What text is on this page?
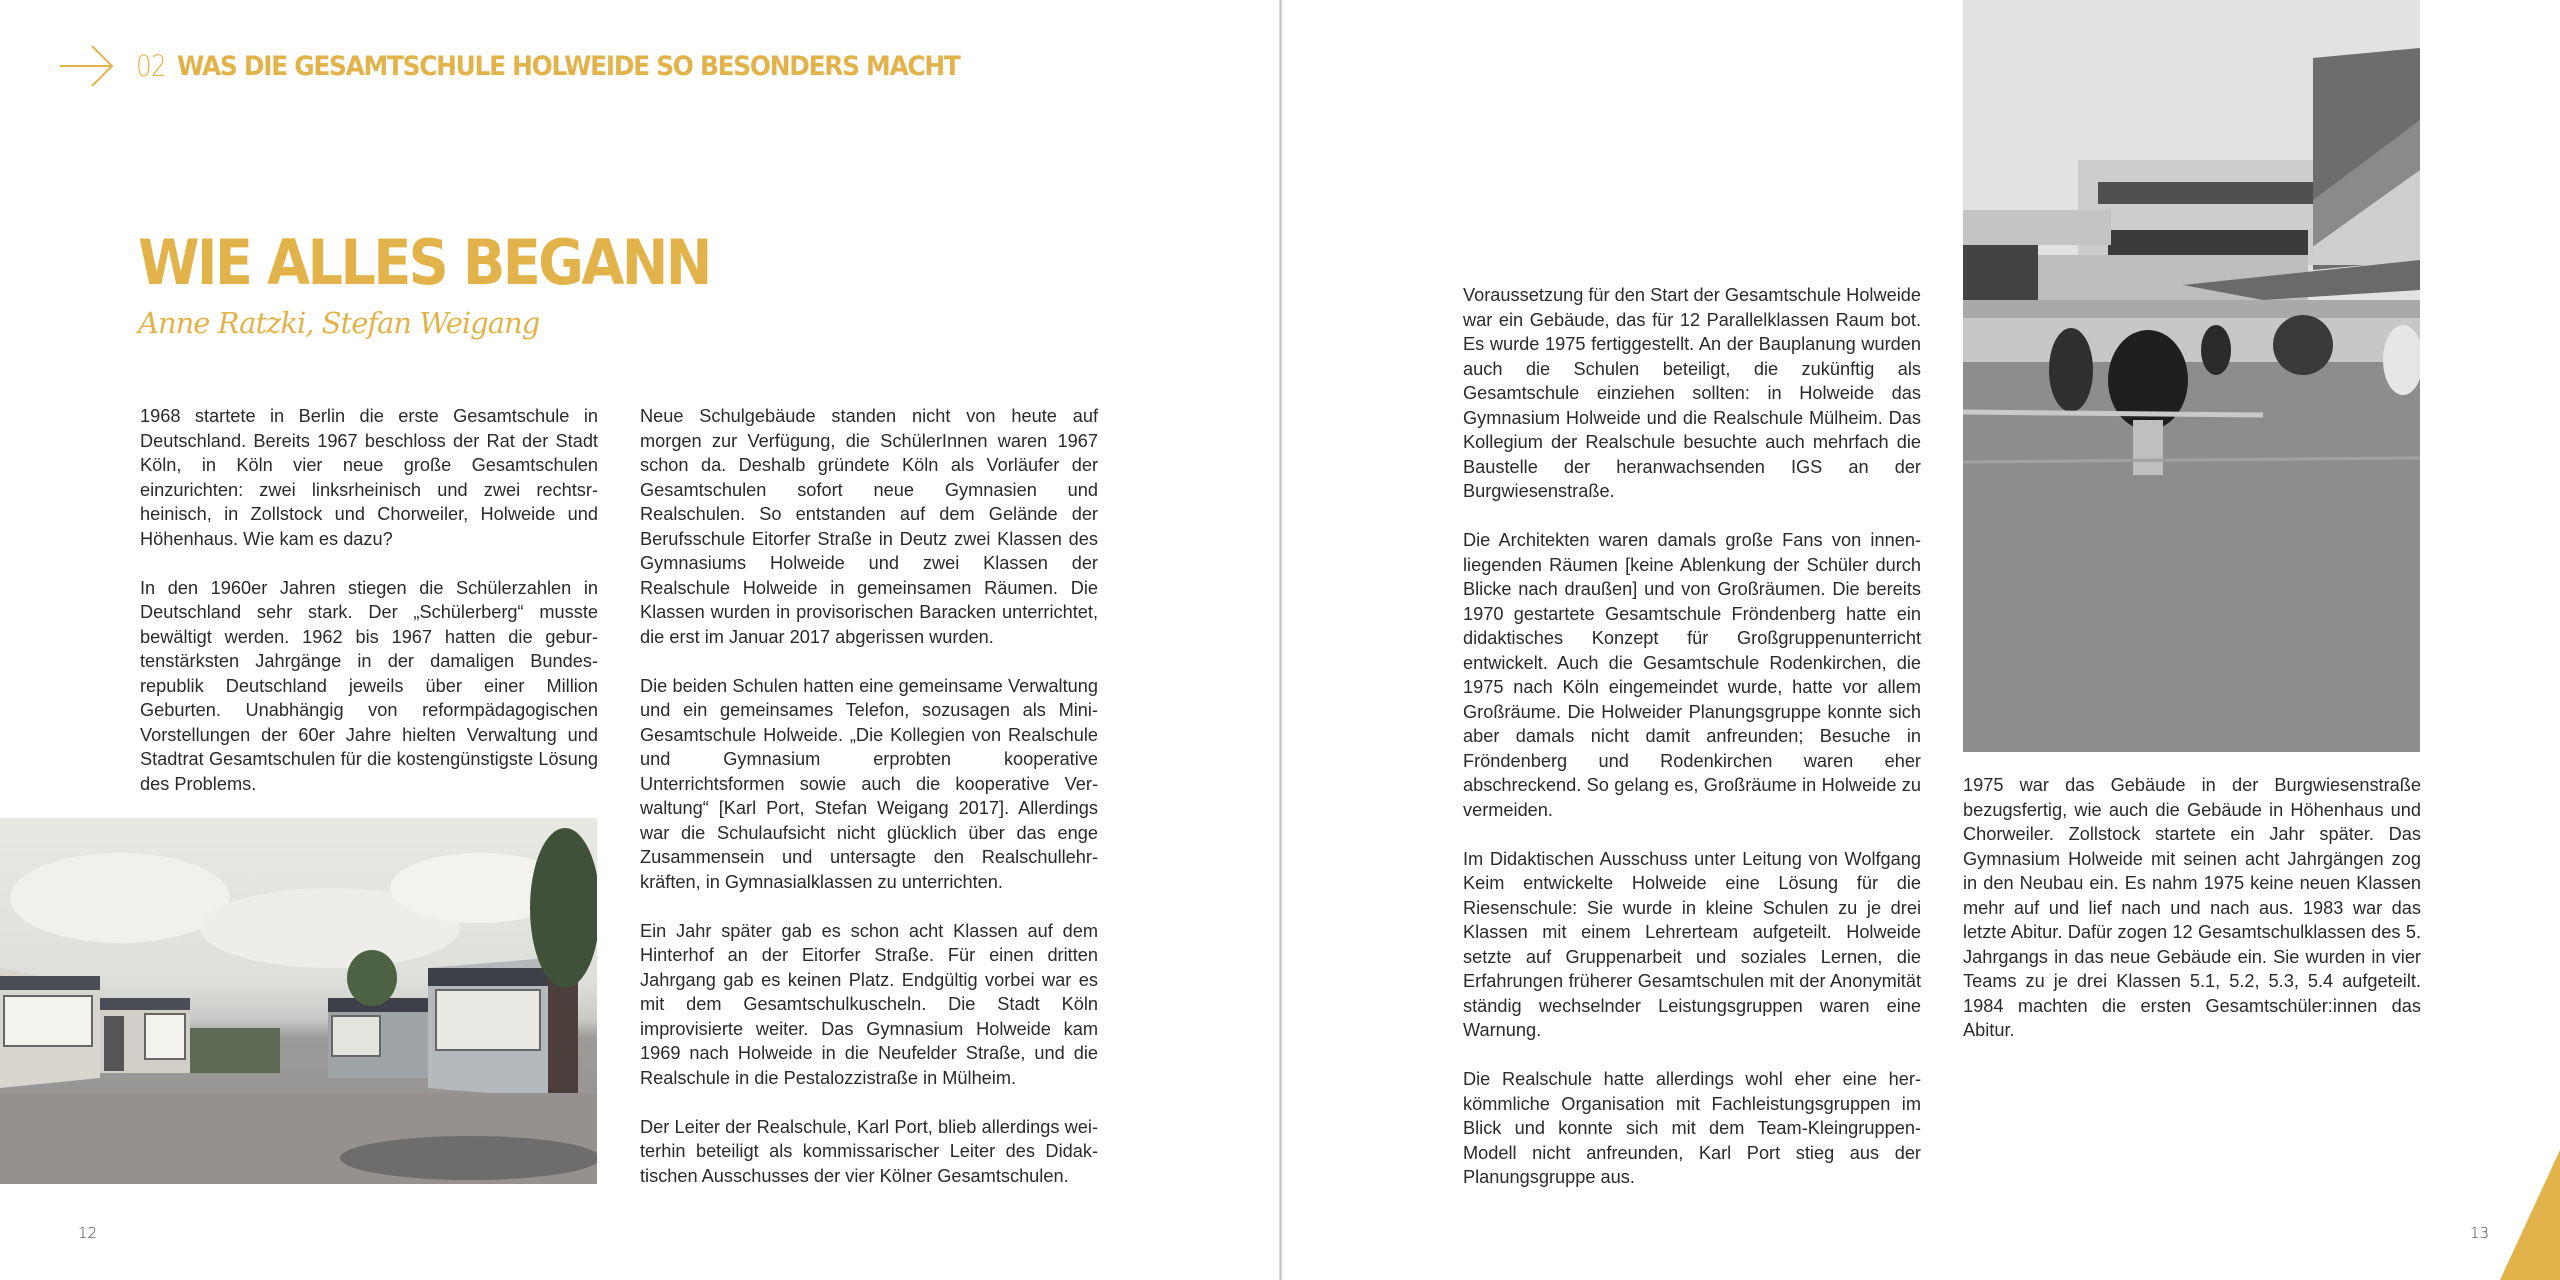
02 WAS DIE GESAMTSCHULE HOLWEIDE SO BESONDERS MACHT
WIE ALLES BEGANN
Anne Ratzki, Stefan Weigang

1968 startete in Berlin die erste Gesamtschule in Deutschland. Bereits 1967 beschloss der Rat der Stadt Köln, in Köln vier neue große Gesamtschulen einzurichten: zwei linksrheinisch und zwei rechtsrheinisch, in Zollstock und Chorweiler, Holweide und Höhenhaus. Wie kam es dazu?

In den 1960er Jahren stiegen die Schülerzahlen in Deutschland sehr stark. Der „Schülerberg“ musste bewältigt werden. 1962 bis 1967 hatten die geburtenstärksten Jahrgänge in der damaligen Bundesrepublik Deutschland jeweils über einer Million Geburten. Unabhängig von reformpädagogischen Vorstellungen der 60er Jahre hielten Verwaltung und Stadtrat Gesamtschulen für die kostengünstigste Lösung des Problems.

Neue Schulgebäude standen nicht von heute auf morgen zur Verfügung, die SchülerInnen waren 1967 schon da. Deshalb gründete Köln als Vorläufer der Gesamtschulen sofort neue Gymnasien und Realschulen. So entstanden auf dem Gelände der Berufsschule Eitorfer Straße in Deutz zwei Klassen des Gymnasiums Holweide und zwei Klassen der Realschule Holweide in gemeinsamen Räumen. Die Klassen wurden in provisorischen Baracken unterrichtet, die erst im Januar 2017 abgerissen wurden.

Die beiden Schulen hatten eine gemeinsame Verwaltung und ein gemeinsames Telefon, sozusagen als Mini-Gesamtschule Holweide. „Die Kollegien von Realschule und Gymnasium erprobten kooperative Unterrichtsformen sowie auch die kooperative Verwaltung“ [Karl Port, Stefan Weigang 2017]. Allerdings war die Schulaufsicht nicht glücklich über das enge Zusammensein und untersagte den Realschullehrkräften, in Gymnasialklassen zu unterrichten.

Ein Jahr später gab es schon acht Klassen auf dem Hinterhof an der Eitorfer Straße. Für einen dritten Jahrgang gab es keinen Platz. Endgültig vorbei war es mit dem Gesamtschulkuscheln. Die Stadt Köln improvisierte weiter. Das Gymnasium Holweide kam 1969 nach Holweide in die Neufelder Straße, und die Realschule in die Pestalozzistraße in Mülheim.

Der Leiter der Realschule, Karl Port, blieb allerdings weiterhin beteiligt als kommissarischer Leiter des Didaktischen Ausschusses der vier Kölner Gesamtschulen.

12

Voraussetzung für den Start der Gesamtschule Holweide war ein Gebäude, das für 12 Parallelklassen Raum bot. Es wurde 1975 fertiggestellt. An der Bauplanung wurden auch die Schulen beteiligt, die zukünftig als Gesamtschule einziehen sollten: in Holweide das Gymnasium Holweide und die Realschule Mülheim. Das Kollegium der Realschule besuchte auch mehrfach die Baustelle der heranwachsenden IGS an der Burgwiesenstraße.

Die Architekten waren damals große Fans von innenliegenden Räumen [keine Ablenkung der Schüler durch Blicke nach draußen] und von Großräumen. Die bereits 1970 gestartete Gesamtschule Fröndenberg hatte ein didaktisches Konzept für Großgruppenunterricht entwickelt. Auch die Gesamtschule Rodenkirchen, die 1975 nach Köln eingemeindet wurde, hatte vor allem Großräume. Die Holweider Planungsgruppe konnte sich aber damals nicht damit anfreunden; Besuche in Fröndenberg und Rodenkirchen waren eher abschreckend. So gelang es, Großräume in Holweide zu vermeiden.

Im Didaktischen Ausschuss unter Leitung von Wolfgang Keim entwickelte Holweide eine Lösung für die Riesenschule: Sie wurde in kleine Schulen zu je drei Klassen mit einem Lehrerteam aufgeteilt. Holweide setzte auf Gruppenarbeit und soziales Lernen, die Erfahrungen früherer Gesamtschulen mit der Anonymität ständig wechselnder Leistungsgruppen waren eine Warnung.

Die Realschule hatte allerdings wohl eher eine herkömmliche Organisation mit Fachleistungsgruppen im Blick und konnte sich mit dem Team-Kleingruppen-Modell nicht anfreunden, Karl Port stieg aus der Planungsgruppe aus.

1975 war das Gebäude in der Burgwiesenstraße bezugsfertig, wie auch die Gebäude in Höhenhaus und Chorweiler. Zollstock startete ein Jahr später. Das Gymnasium Holweide mit seinen acht Jahrgängen zog in den Neubau ein. Es nahm 1975 keine neuen Klassen mehr auf und lief nach und nach aus. 1983 war das letzte Abitur. Dafür zogen 12 Gesamtschulklassen des 5. Jahrgangs in das neue Gebäude ein. Sie wurden in vier Teams zu je drei Klassen 5.1, 5.2, 5.3, 5.4 aufgeteilt. 1984 machten die ersten Gesamtschüler:innen das Abitur.

13
